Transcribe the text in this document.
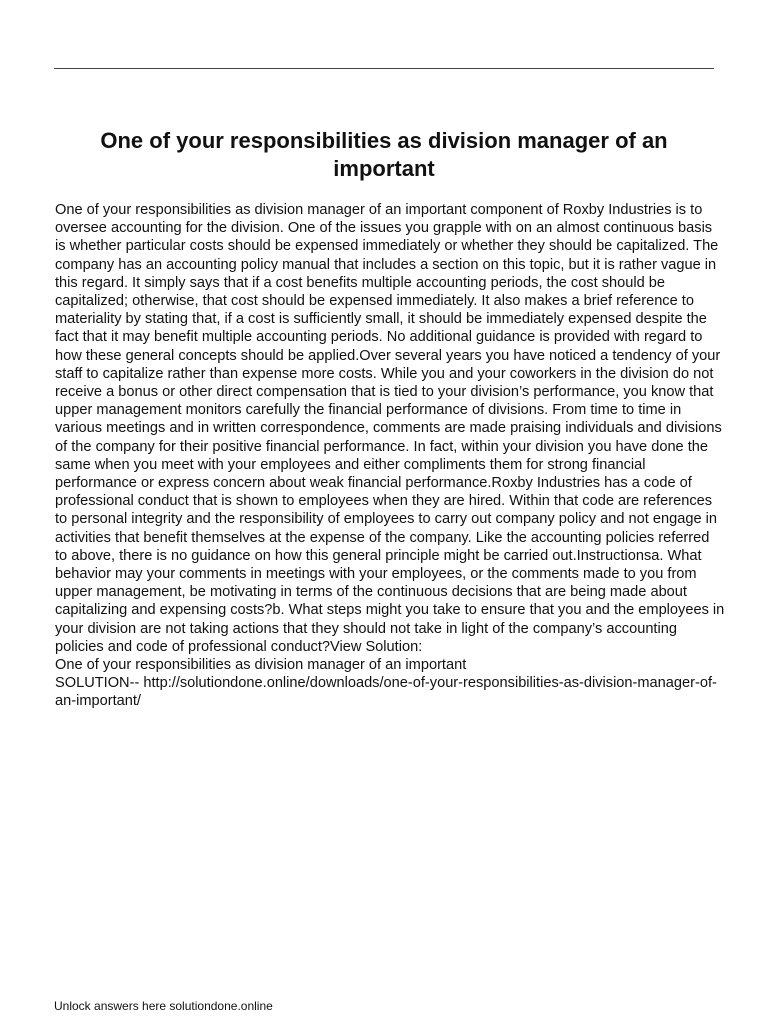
One of your responsibilities as division manager of an important

One of your responsibilities as division manager of an important component of Roxby Industries is to oversee accounting for the division. One of the issues you grapple with on an almost continuous basis is whether particular costs should be expensed immediately or whether they should be capitalized. The company has an accounting policy manual that includes a section on this topic, but it is rather vague in this regard. It simply says that if a cost benefits multiple accounting periods, the cost should be capitalized; otherwise, that cost should be expensed immediately. It also makes a brief reference to materiality by stating that, if a cost is sufficiently small, it should be immediately expensed despite the fact that it may benefit multiple accounting periods. No additional guidance is provided with regard to how these general concepts should be applied.Over several years you have noticed a tendency of your staff to capitalize rather than expense more costs. While you and your coworkers in the division do not receive a bonus or other direct compensation that is tied to your division’s performance, you know that upper management monitors carefully the financial performance of divisions. From time to time in various meetings and in written correspondence, comments are made praising individuals and divisions of the company for their positive financial performance. In fact, within your division you have done the same when you meet with your employees and either compliments them for strong financial performance or express concern about weak financial performance.Roxby Industries has a code of professional conduct that is shown to employees when they are hired. Within that code are references to personal integrity and the responsibility of employees to carry out company policy and not engage in activities that benefit themselves at the expense of the company. Like the accounting policies referred to above, there is no guidance on how this general principle might be carried out.Instructionsa. What behavior may your comments in meetings with your employees, or the comments made to you from upper management, be motivating in terms of the continuous decisions that are being made about capitalizing and expensing costs?b. What steps might you take to ensure that you and the employees in your division are not taking actions that they should not take in light of the company’s accounting policies and code of professional conduct?View Solution:

One of your responsibilities as division manager of an important

SOLUTION-- http://solutiondone.online/downloads/one-of-your-responsibilities-as-division-manager-of-an-important/

Unlock answers here solutiondone.online
